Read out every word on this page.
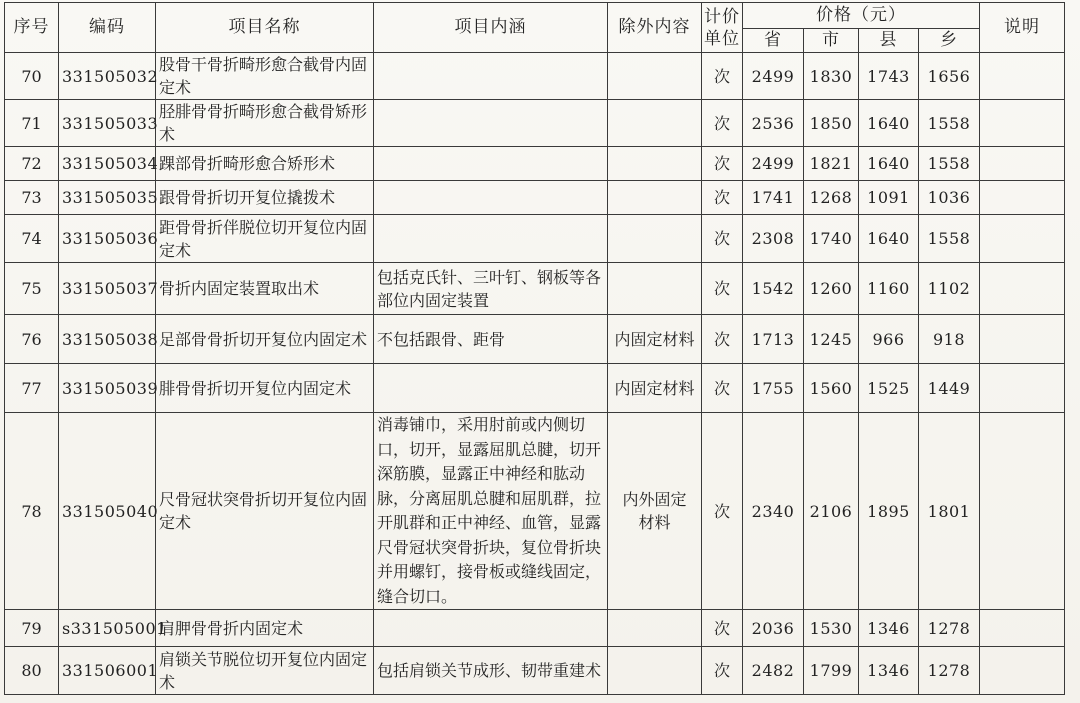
序号	编码	项目名称	项目内涵	除外内容	计价单位	价格（元）				说明
						省	市	县	乡	
70	331505032	股骨干骨折畸形愈合截骨内固定术			次	2499	1830	1743	1656	
71	331505033	胫腓骨骨折畸形愈合截骨矫形术			次	2536	1850	1640	1558	
72	331505034	踝部骨折畸形愈合矫形术			次	2499	1821	1640	1558	
73	331505035	跟骨骨折切开复位撬拨术			次	1741	1268	1091	1036	
74	331505036	距骨骨折伴脱位切开复位内固定术			次	2308	1740	1640	1558	
75	331505037	骨折内固定装置取出术	包括克氏针、三叶钉、钢板等各部位内固定装置		次	1542	1260	1160	1102	
76	331505038	足部骨骨折切开复位内固定术	不包括跟骨、距骨	内固定材料	次	1713	1245	966	918	
77	331505039	腓骨骨折切开复位内固定术		内固定材料	次	1755	1560	1525	1449	
78	331505040	尺骨冠状突骨折切开复位内固定术	消毒铺巾，采用肘前或内侧切口，切开，显露屈肌总腱，切开深筋膜，显露正中神经和肱动脉，分离屈肌总腱和屈肌群，拉开肌群和正中神经、血管，显露尺骨冠状突骨折块，复位骨折块并用螺钉，接骨板或缝线固定，缝合切口。	内外固定材料	次	2340	2106	1895	1801	
79	s331505001	肩胛骨骨折内固定术			次	2036	1530	1346	1278	
80	331506001	肩锁关节脱位切开复位内固定术	包括肩锁关节成形、韧带重建术		次	2482	1799	1346	1278	
